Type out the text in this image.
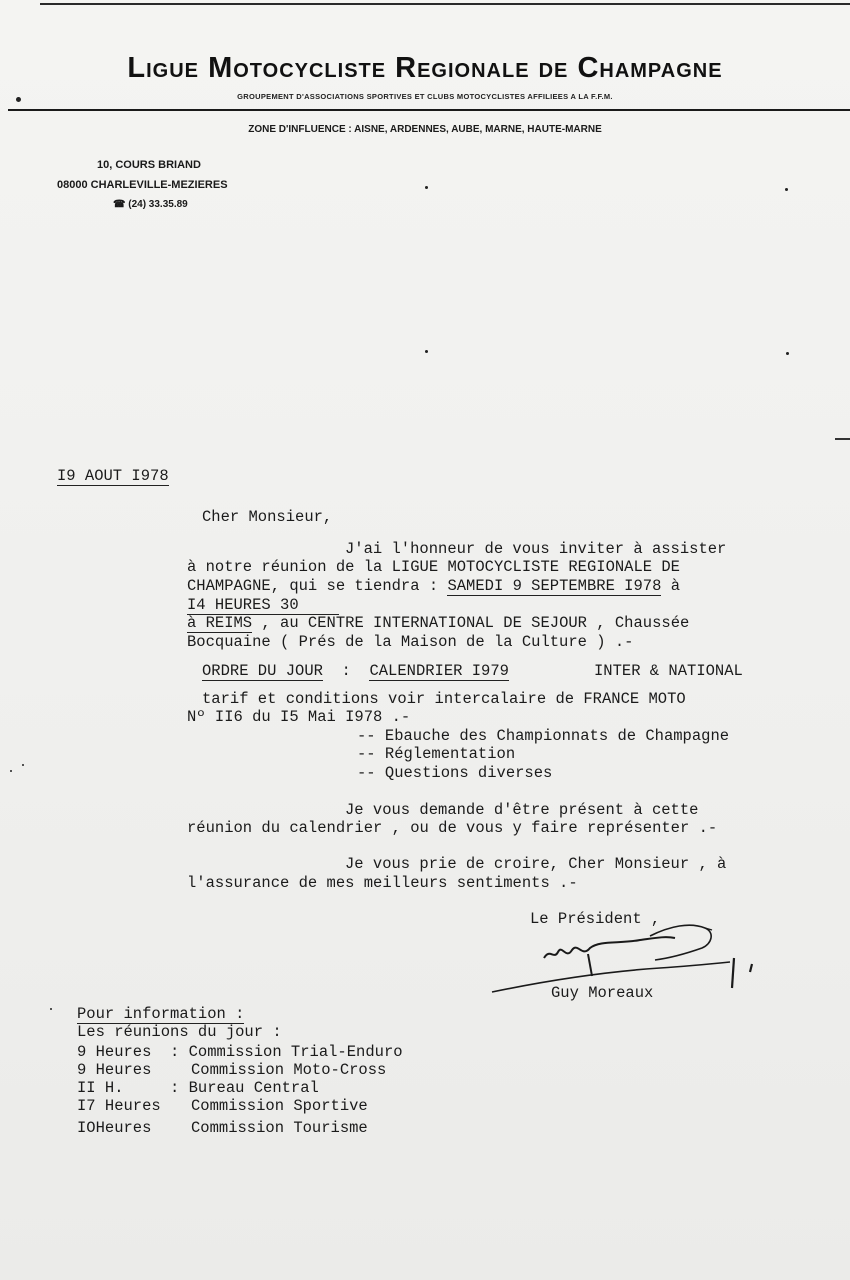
Ligue Motocycliste Regionale de Champagne
GROUPEMENT D'ASSOCIATIONS SPORTIVES ET CLUBS MOTOCYCLISTES AFFILIEES A LA F.F.M.
ZONE D'INFLUENCE : AISNE, ARDENNES, AUBE, MARNE, HAUTE-MARNE
10, COURS BRIAND
08000 CHARLEVILLE-MEZIERES
☎ (24) 33.35.89
I9 AOUT I978
Cher Monsieur,
J'ai l'honneur de vous inviter à assister
à notre réunion de la LIGUE MOTOCYCLISTE REGIONALE DE
CHAMPAGNE, qui se tiendra : SAMEDI 9 SEPTEMBRE I978 à
I4 HEURES 30
à REIMS , au CENTRE INTERNATIONAL DE SEJOUR , Chaussée
Bocquaine ( Prés de la Maison de la Culture ) .-
ORDRE DU JOUR  :  CALENDRIER I979	INTER & NATIONAL
tarif et conditions voir intercalaire de FRANCE MOTO
Nº II6 du I5 Mai I978 .-
-- Ebauche des Championnats de Champagne
-- Réglementation
-- Questions diverses
Je vous demande d'être présent à cette
réunion du calendrier , ou de vous y faire représenter .-
Je vous prie de croire, Cher Monsieur , à
l'assurance de mes meilleurs sentiments .-
Le Président ,
Guy Moreaux
Pour information :
Les réunions du jour :
9 Heures : Commission Trial-Enduro
9 Heures	Commission Moto-Cross
II H.	: Bureau Central
I7 Heures Commission Sportive
IOHeures	Commission Tourisme
